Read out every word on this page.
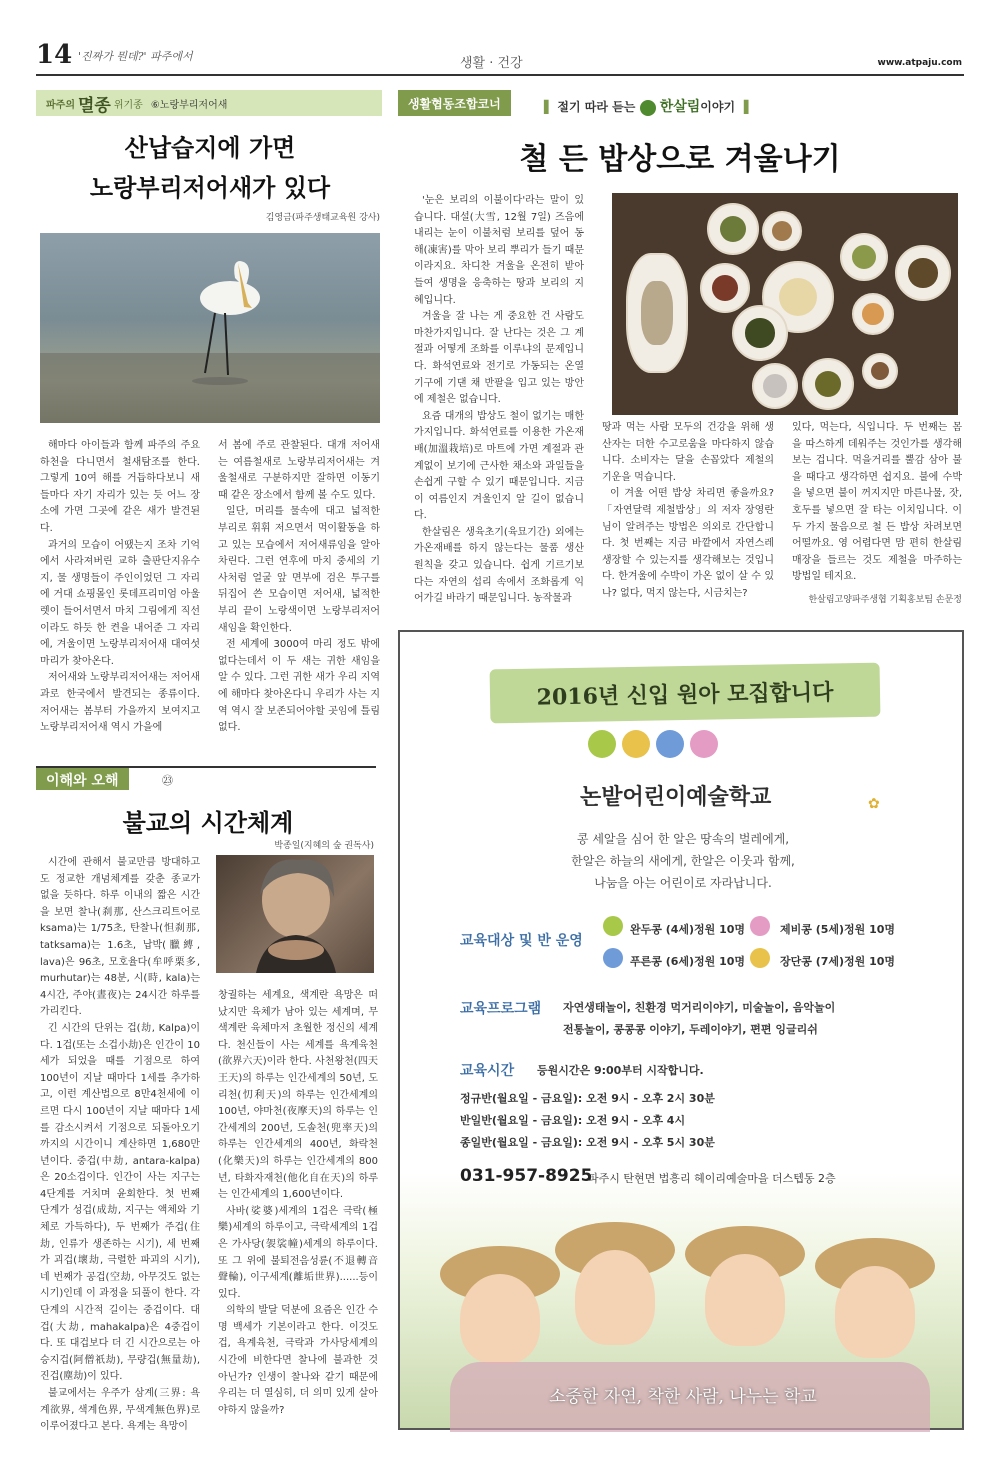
14 '진짜가 뭔데?' 파주에서	생활 · 건강	www.atpaju.com
파주의 멸종 위기종 ⑥노랑부리저어새
산납습지에 가면
노랑부리저어새가 있다
김영금(파주생태교육원 강사)

해마다 아이들과 함께 파주의 주요 하천을 다니면서 철새탐조를 한다. 그렇게 10여 해를 거듭하다보니 새들마다 자기 자리가 있는 듯 어느 장소에 가면 그곳에 같은 새가 발견된다.

과거의 모습이 어땠는지 조차 기억에서 사라져버린 교하 출판단지유수지, 물 생명들이 주인이었던 그 자리에 거대 쇼핑몰인 롯데프리미엄 아울렛이 들어서면서 마치 그림에게 직선이라도 하듯 한 켠을 내어준 그 자리에, 겨울이면 노랑부리저어새 대여섯 마리가 찾아온다.

저어새와 노랑부리저어새는 저어새과로 한국에서 발견되는 종류이다. 저어새는 봄부터 가을까지 보여지고 노랑부리저어새 역시 가을에

서 봄에 주로 관찰된다. 대개 저어새는 여름철새로 노랑부리저어새는 겨울철새로 구분하지만 잘하면 이동기때 같은 장소에서 함께 볼 수도 있다.

일단, 머리를 물속에 대고 넓적한 부리로 휘휘 저으면서 먹이활동을 하고 있는 모습에서 저어새류임을 알아차린다. 그런 연후에 마치 중세의 기사처럼 얼굴 앞 면부에 검은 투구를 뒤집어 쓴 모습이면 저어새, 넓적한 부리 끝이 노랑색이면 노랑부리저어새임을 확인한다.

전 세계에 3000여 마리 정도 밖에 없다는데서 이 두 새는 귀한 새임을 알 수 있다. 그런 귀한 새가 우리 지역에 해마다 찾아온다니 우리가 사는 지역 역시 잘 보존되어야할 곳임에 틀림없다.

이해와 오해	㉓
불교의 시간체계
박종일(지혜의 숲 권독사)

시간에 관해서 불교만큼 방대하고도 정교한 개념체계를 갖춘 종교가 없을 듯하다. 하루 이내의 짧은 시간을 보면 찰나(刹那, 산스크리트어로 ksama)는 1/75초, 탄찰나(怛刹那, tatksama)는 1.6초, 납박(臘縛, lava)은 96초, 모호율다(牟呼栗多, murhutar)는 48분, 시(時, kala)는 4시간, 주야(晝夜)는 24시간 하루를 가리킨다.

긴 시간의 단위는 겁(劫, Kalpa)이다. 1겁(또는 소겁小劫)은 인간이 10세가 되었을 때를 기점으로 하여 100년이 지날 때마다 1세를 추가하고, 이런 계산법으로 8만4천세에 이르면 다시 100년이 지날 때마다 1세를 감소시켜서 기점으로 되돌아오기까지의 시간이니 계산하면 1,680만 년이다. 중겁(中劫, antara-kalpa)은 20소겁이다. 인간이 사는 지구는 4단계를 거치며 윤회한다. 첫 번째 단계가 성겁(成劫, 지구는 액체와 기체로 가득하다), 두 번째가 주겁(住劫, 인류가 생존하는 시기), 세 번째가 괴겁(壞劫, 극렬한 파괴의 시기), 네 번째가 공겁(空劫, 아무것도 없는 시기)인데 이 과정을 되풀이 한다. 각 단계의 시간적 길이는 중겁이다. 대겁(大劫, mahakalpa)은 4중겁이다. 또 대겁보다 더 긴 시간으로는 아승지겁(阿僧祇劫), 무량겁(無量劫), 진겁(塵劫)이 있다.

불교에서는 우주가 삼계(三界: 욕계欲界, 색계色界, 무색계無色界)로 이루어졌다고 본다. 욕계는 욕망이

창궐하는 세계요, 색계란 욕망은 떠났지만 육체가 남아 있는 세계며, 무색계란 육체마저 초월한 정신의 세계다. 천신들이 사는 세계를 욕계육천(欲界六天)이라 한다. 사천왕천(四天王天)의 하루는 인간세계의 50년, 도리천(忉利天)의 하루는 인간세계의 100년, 야마천(夜摩天)의 하루는 인간세계의 200년, 도솔천(兜率天)의 하루는 인간세계의 400년, 화락천(化樂天)의 하루는 인간세계의 800년, 타화자재천(他化自在天)의 하루는 인간세계의 1,600년이다.

사바(娑婆)세계의 1겁은 극락(極樂)세계의 하루이고, 극락세계의 1겁은 가사당(袈裟幢)세계의 하루이다. 또 그 위에 불퇴전음성륜(不退轉音聲輪), 이구세계(離垢世界)......등이 있다.

의학의 발달 덕분에 요즘은 인간 수명 백세가 기본이라고 한다. 이것도 겁, 욕계육천, 극락과 가사당세계의 시간에 비한다면 찰나에 불과한 것 아닌가? 인생이 찰나와 같기 때문에 우리는 더 열심히, 더 의미 있게 살아야하지 않을까?

생활협동조합코너	▌ 절기 따라 듣는 한살림이야기 ▐
철 든 밥상으로 겨울나기

'눈은 보리의 이불이다'라는 말이 있습니다. 대설(大雪, 12월 7일) 즈음에 내리는 눈이 이불처럼 보리를 덮어 동해(凍害)를 막아 보리 뿌리가 들기 때문이라지요. 차디찬 겨울을 온전히 받아들여 생명을 응축하는 땅과 보리의 지혜입니다.

겨울을 잘 나는 게 중요한 건 사람도 마찬가지입니다. 잘 난다는 것은 그 계절과 어떻게 조화를 이루냐의 문제입니다. 화석연료와 전기로 가동되는 온열기구에 기댄 채 반팔을 입고 있는 방안에 제철은 없습니다.

요즘 대개의 밥상도 철이 없기는 매한가지입니다. 화석연료를 이용한 가온재배(加溫栽培)로 마트에 가면 계절과 관계없이 보기에 근사한 채소와 과일들을 손쉽게 구할 수 있기 때문입니다. 지금이 여름인지 겨울인지 알 길이 없습니다.

한살림은 생육초기(육묘기간) 외에는 가온재배를 하지 않는다는 물품 생산 원칙을 갖고 있습니다. 쉽게 기르기보다는 자연의 섭리 속에서 조화롭게 익어가길 바라기 때문입니다. 농작물과

땅과 먹는 사람 모두의 건강을 위해 생산자는 더한 수고로움을 마다하지 않습니다. 소비자는 달을 손꼽았다 제철의 기운을 먹습니다.

이 겨울 어떤 밥상 차리면 좋을까요? 「자연달력 제철밥상」의 저자 장영란님이 알려주는 방법은 의외로 간단합니다. 첫 번째는 지금 바깥에서 자연스레 생장할 수 있는지를 생각해보는 것입니다. 한겨울에 수박이 가온 없이 살 수 있나? 없다, 먹지 않는다, 시금치는?

있다, 먹는다, 식입니다. 두 번째는 몸을 따스하게 데워주는 것인가를 생각해보는 겁니다. 먹을거리를 뿔감 삼아 불을 때다고 생각하면 쉽지요. 불에 수박을 넣으면 불이 꺼지지만 마른나물, 잣, 호두를 넣으면 잘 타는 이치입니다. 이 두 가지 물음으로 철 든 밥상 차려보면 어떨까요. 영 어렵다면 맘 편히 한살림 매장을 들르는 것도 제철을 마주하는 방법일 테지요.

한살림고양파주생협 기획홍보팀 손문정
2016년 신입 원아 모집합니다
논밭어린이예술학교	✿
콩 세알을 심어 한 알은 땅속의 벌레에게,
한알은 하늘의 새에게, 한알은 이웃과 함께,
나눔을 아는 어린이로 자라납니다.
교육대상 및 반 운영
완두콩 (4세)정원 10명	제비콩 (5세)정원 10명
푸른콩 (6세)정원 10명	장단콩 (7세)정원 10명
교육프로그램 자연생태놀이, 친환경 먹거리이야기, 미술놀이, 음악놀이
전통놀이, 콩콩콩 이야기, 두레이야기, 편편 잉글리쉬
교육시간 등원시간은 9:00부터 시작합니다.
정규반(월요일 - 금요일): 오전 9시 - 오후 2시 30분
반일반(월요일 - 금요일): 오전 9시 - 오후 4시
종일반(월요일 - 금요일): 오전 9시 - 오후 5시 30분
031-957-8925
파주시 탄현면 법흥리 헤이리예술마을 더스텝동 2층
소중한 자연, 착한 사람, 나누는 학교
